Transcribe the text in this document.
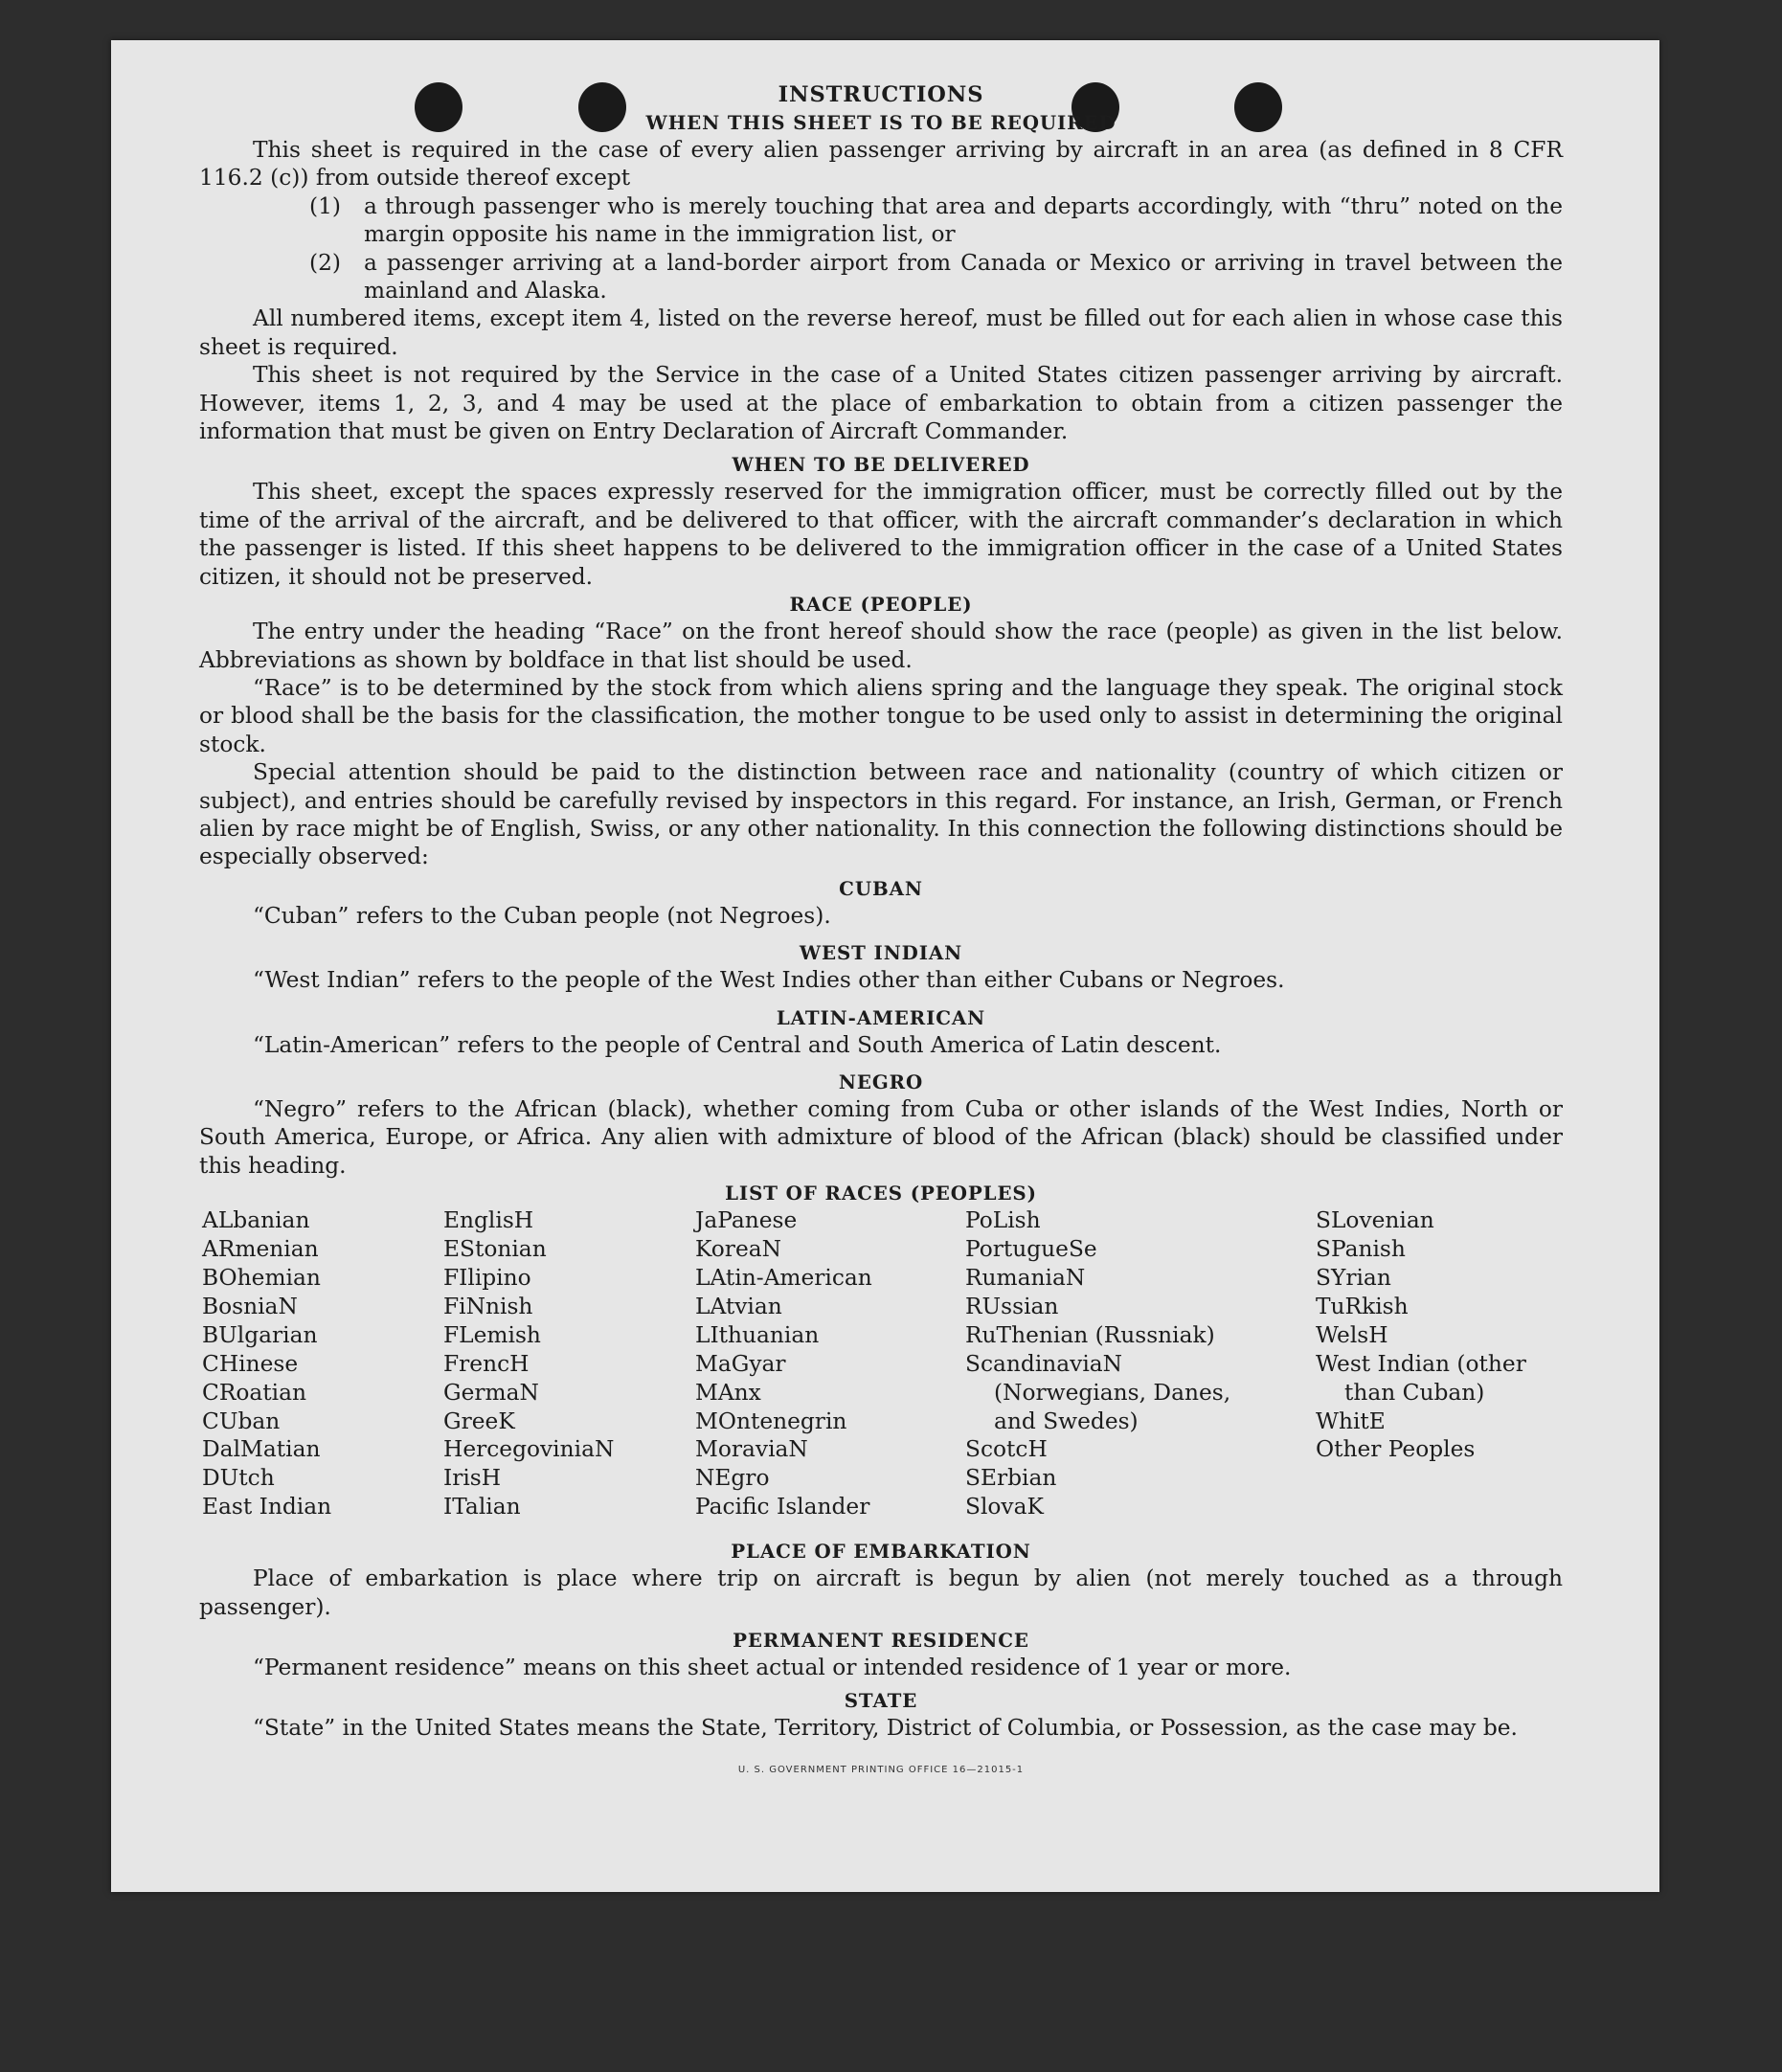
INSTRUCTIONS
WHEN THIS SHEET IS TO BE REQUIRED

This sheet is required in the case of every alien passenger arriving by aircraft in an area (as defined in 8 CFR 116.2 (c)) from outside thereof except

(1)	a through passenger who is merely touching that area and departs accordingly, with “thru” noted on the margin opposite his name in the immigration list, or
(2)	a passenger arriving at a land-border airport from Canada or Mexico or arriving in travel between the mainland and Alaska.

All numbered items, except item 4, listed on the reverse hereof, must be filled out for each alien in whose case this sheet is required.

This sheet is not required by the Service in the case of a United States citizen passenger arriving by aircraft. However, items 1, 2, 3, and 4 may be used at the place of embarkation to obtain from a citizen passenger the information that must be given on Entry Declaration of Aircraft Commander.

WHEN TO BE DELIVERED

This sheet, except the spaces expressly reserved for the immigration officer, must be correctly filled out by the time of the arrival of the aircraft, and be delivered to that officer, with the aircraft commander’s declaration in which the passenger is listed. If this sheet happens to be delivered to the immigration officer in the case of a United States citizen, it should not be preserved.

RACE (PEOPLE)

The entry under the heading “Race” on the front hereof should show the race (people) as given in the list below. Abbreviations as shown by boldface in that list should be used.

“Race” is to be determined by the stock from which aliens spring and the language they speak. The original stock or blood shall be the basis for the classification, the mother tongue to be used only to assist in determining the original stock.

Special attention should be paid to the distinction between race and nationality (country of which citizen or subject), and entries should be carefully revised by inspectors in this regard. For instance, an Irish, German, or French alien by race might be of English, Swiss, or any other nationality. In this connection the following distinctions should be especially observed:

CUBAN

“Cuban” refers to the Cuban people (not Negroes).

WEST INDIAN

“West Indian” refers to the people of the West Indies other than either Cubans or Negroes.

LATIN-AMERICAN

“Latin-American” refers to the people of Central and South America of Latin descent.

NEGRO

“Negro” refers to the African (black), whether coming from Cuba or other islands of the West Indies, North or South America, Europe, or Africa. Any alien with admixture of blood of the African (black) should be classified under this heading.

LIST OF RACES (PEOPLES)
ALbanian
ARmenian
BOhemian
BosniaN
BUlgarian
CHinese
CRoatian
CUban
DalMatian
DUtch
East Indian
EnglisH
EStonian
FIlipino
FiNnish
FLemish
FrencH
GermaN
GreeK
HercegoviniaN
IrisH
ITalian
JaPanese
KoreaN
LAtin-American
LAtvian
LIthuanian
MaGyar
MAnx
MOntenegrin
MoraviaN
NEgro
Pacific Islander
PoLish
PortugueSe
RumaniaN
RUssian
RuThenian (Russniak)
ScandinaviaN (Norwegians, Danes, and Swedes)
ScotcH
SErbian
SlovaK
SLovenian
SPanish
SYrian
TuRkish
WelsH
West Indian (other than Cuban)
WhitE
Other Peoples
PLACE OF EMBARKATION

Place of embarkation is place where trip on aircraft is begun by alien (not merely touched as a through passenger).

PERMANENT RESIDENCE

“Permanent residence” means on this sheet actual or intended residence of 1 year or more.

STATE

“State” in the United States means the State, Territory, District of Columbia, or Possession, as the case may be.

U. S. GOVERNMENT PRINTING OFFICE 16—21015-1
